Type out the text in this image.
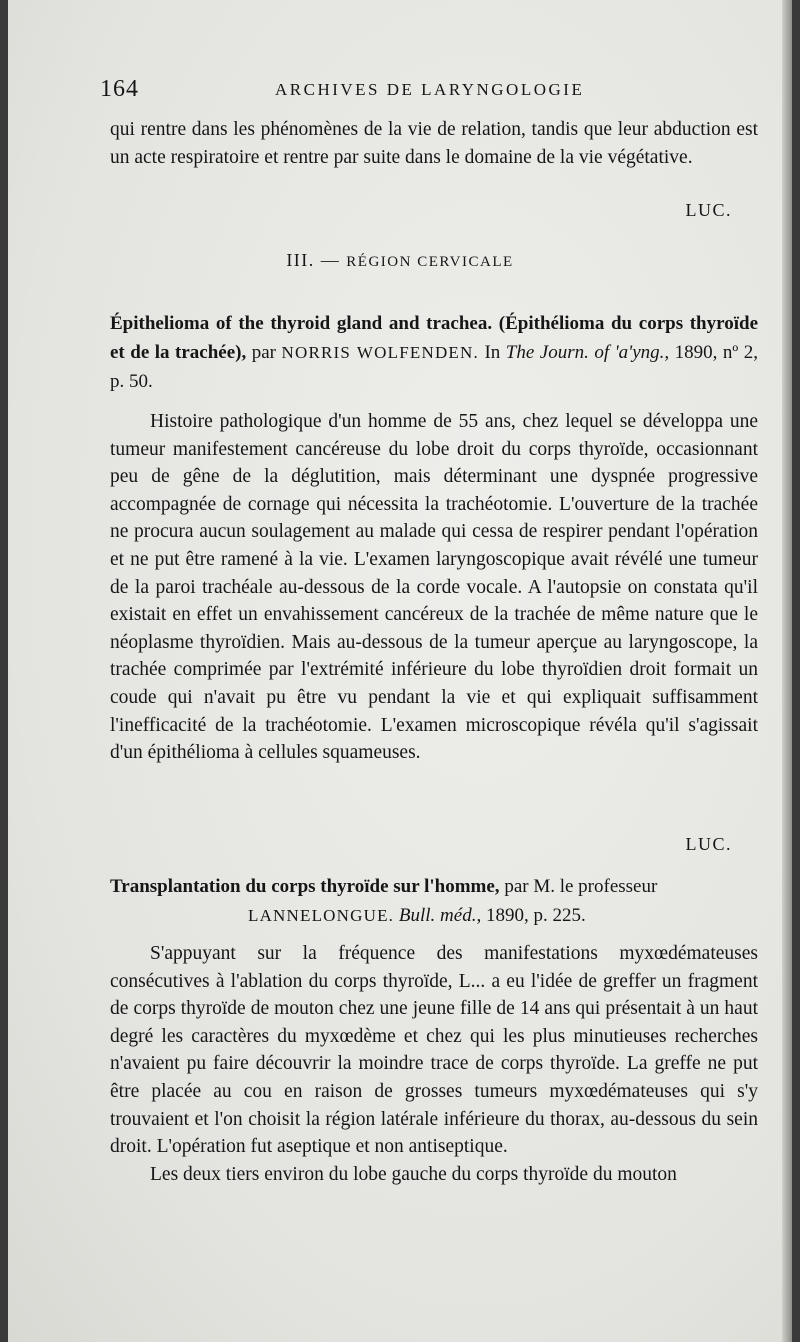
164	ARCHIVES DE LARYNGOLOGIE

qui rentre dans les phénomènes de la vie de relation, tandis que leur abduction est un acte respiratoire et rentre par suite dans le domaine de la vie végétative.

LUC.
III. — RÉGION CERVICALE

Épithelioma of the thyroid gland and trachea. (Épithélioma du corps thyroïde et de la trachée), par NORRIS WOLFENDEN. In The Journ. of 'a'yng., 1890, nº 2, p. 50.

Histoire pathologique d'un homme de 55 ans, chez lequel se développa une tumeur manifestement cancéreuse du lobe droit du corps thyroïde, occasionnant peu de gêne de la déglutition, mais déterminant une dyspnée progressive accompagnée de cornage qui nécessita la trachéotomie. L'ouverture de la trachée ne procura aucun soulagement au malade qui cessa de respirer pendant l'opération et ne put être ramené à la vie. L'examen laryngoscopique avait révélé une tumeur de la paroi trachéale au-dessous de la corde vocale. A l'autopsie on constata qu'il existait en effet un envahissement cancéreux de la trachée de même nature que le néoplasme thyroïdien. Mais au-dessous de la tumeur aperçue au laryngoscope, la trachée comprimée par l'extrémité inférieure du lobe thyroïdien droit formait un coude qui n'avait pu être vu pendant la vie et qui expliquait suffisamment l'inefficacité de la trachéotomie. L'examen microscopique révéla qu'il s'agissait d'un épithélioma à cellules squameuses.

LUC.

Transplantation du corps thyroïde sur l'homme, par M. le professeur

LANNELONGUE. Bull. méd., 1890, p. 225.

S'appuyant sur la fréquence des manifestations myxœdémateuses consécutives à l'ablation du corps thyroïde, L... a eu l'idée de greffer un fragment de corps thyroïde de mouton chez une jeune fille de 14 ans qui présentait à un haut degré les caractères du myxœdème et chez qui les plus minutieuses recherches n'avaient pu faire découvrir la moindre trace de corps thyroïde. La greffe ne put être placée au cou en raison de grosses tumeurs myxœdémateuses qui s'y trouvaient et l'on choisit la région latérale inférieure du thorax, au-dessous du sein droit. L'opération fut aseptique et non antiseptique.

Les deux tiers environ du lobe gauche du corps thyroïde du mouton
